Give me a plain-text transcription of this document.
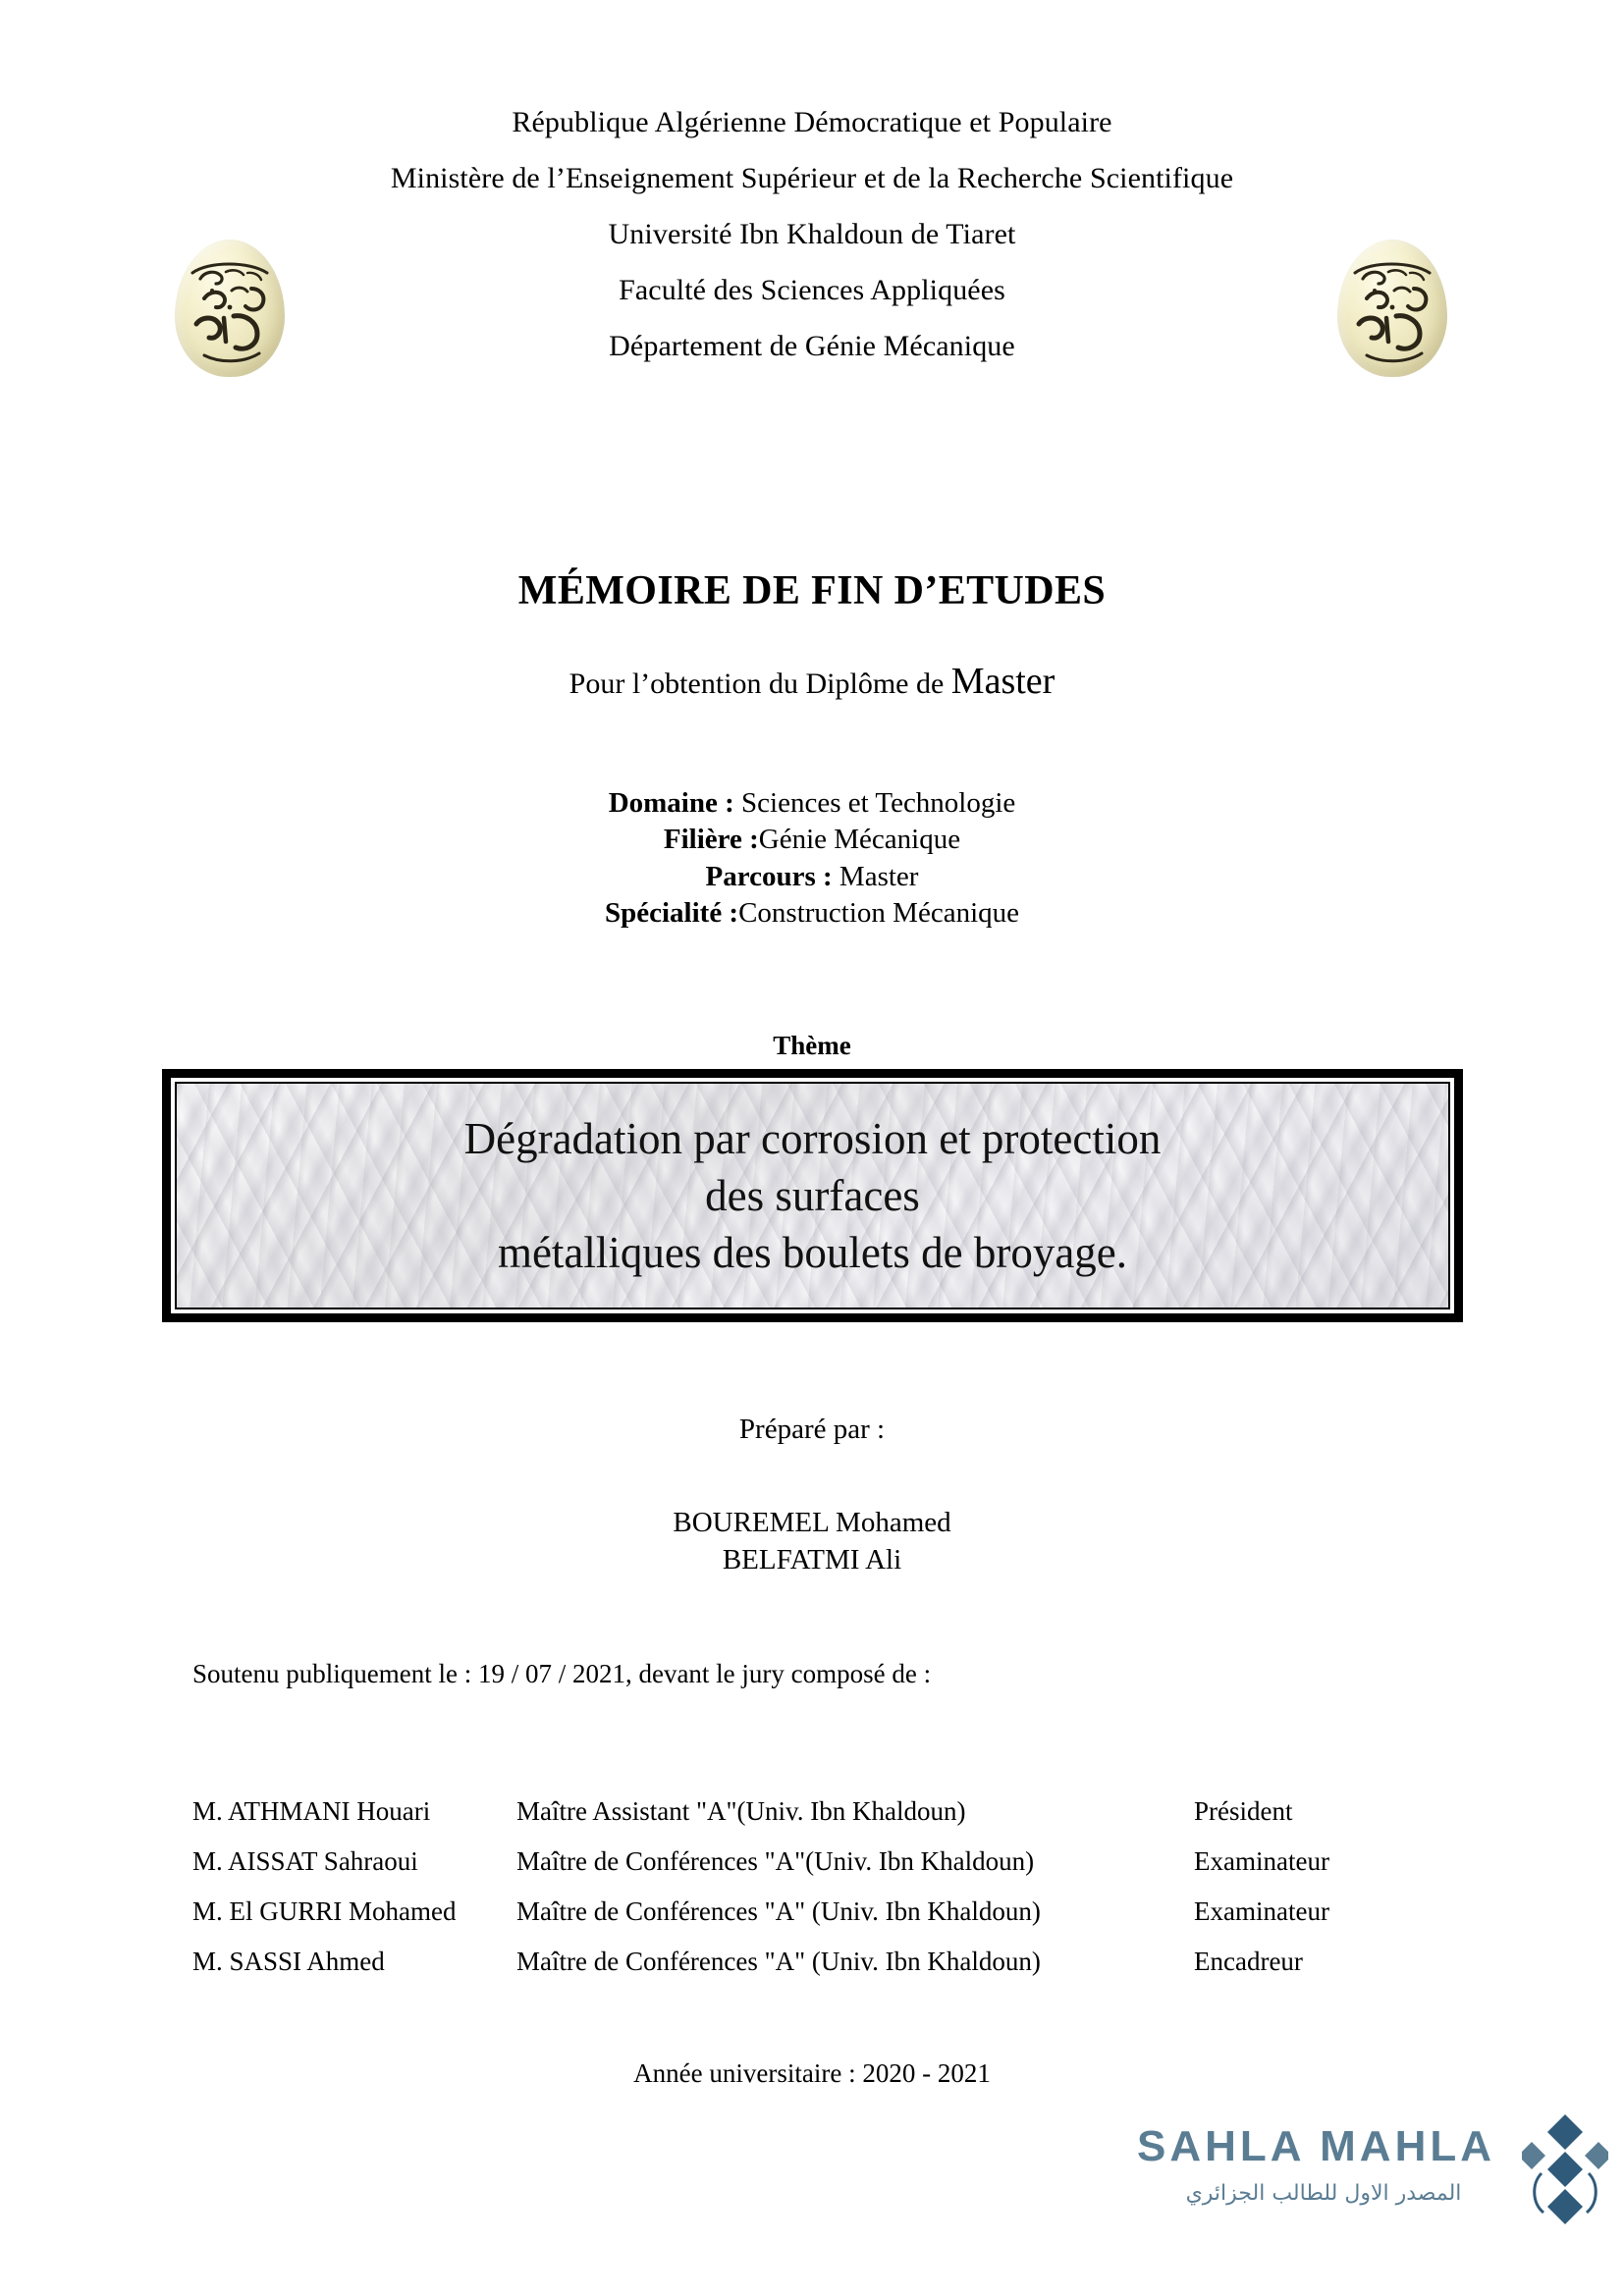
République Algérienne Démocratique et Populaire
Ministère de l’Enseignement Supérieur et de la Recherche Scientifique
Université Ibn Khaldoun de Tiaret
Faculté des Sciences Appliquées
Département de Génie Mécanique
MÉMOIRE DE FIN D’ETUDES
Pour l’obtention du Diplôme de Master
Domaine : Sciences et Technologie
Filière :Génie Mécanique
Parcours : Master
Spécialité :Construction Mécanique
Thème
Dégradation par corrosion et protection
des surfaces
métalliques des boulets de broyage.
Préparé par :
BOUREMEL Mohamed
BELFATMI Ali
Soutenu publiquement le : 19 / 07 / 2021, devant le jury composé de :
M. ATHMANI Houari	Maître Assistant "A"(Univ. Ibn Khaldoun)	Président
M. AISSAT Sahraoui	Maître de Conférences "A"(Univ. Ibn Khaldoun)	Examinateur
M. El GURRI Mohamed	Maître de Conférences "A" (Univ. Ibn Khaldoun)	Examinateur
M. SASSI Ahmed	Maître de Conférences "A" (Univ. Ibn Khaldoun)	Encadreur
Année universitaire : 2020 - 2021
SAHLA MAHLA
المصدر الاول للطالب الجزائري
